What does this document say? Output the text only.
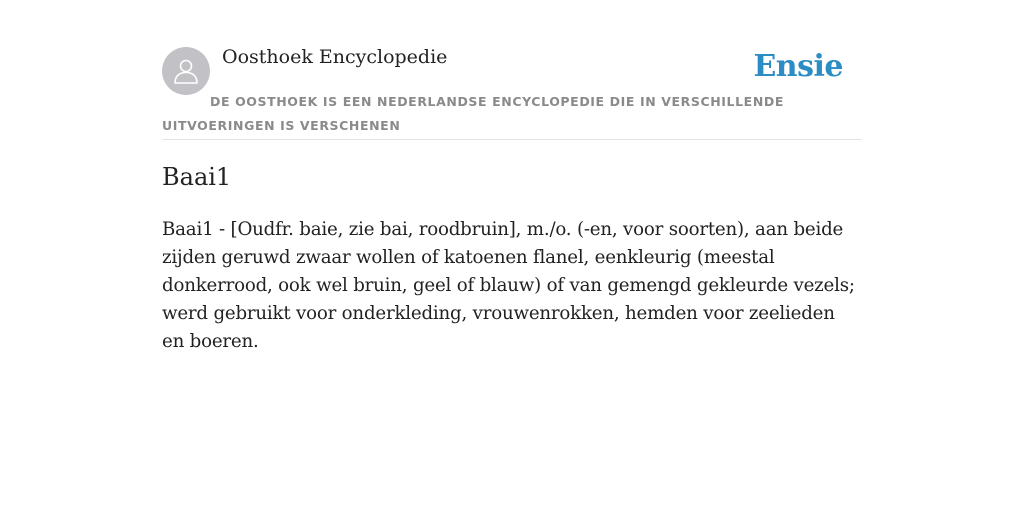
Oosthoek Encyclopedie	Ensie
DE OOSTHOEK IS EEN NEDERLANDSE ENCYCLOPEDIE DIE IN VERSCHILLENDE UITVOERINGEN IS VERSCHENEN
Baai1

Baai1 - [Oudfr. baie, zie bai, roodbruin], m./o. (-en, voor soorten), aan beide zijden geruwd zwaar wollen of katoenen flanel, eenkleurig (meestal donkerrood, ook wel bruin, geel of blauw) of van gemengd gekleurde vezels; werd gebruikt voor onderkleding, vrouwenrokken, hemden voor zeelieden en boeren.
